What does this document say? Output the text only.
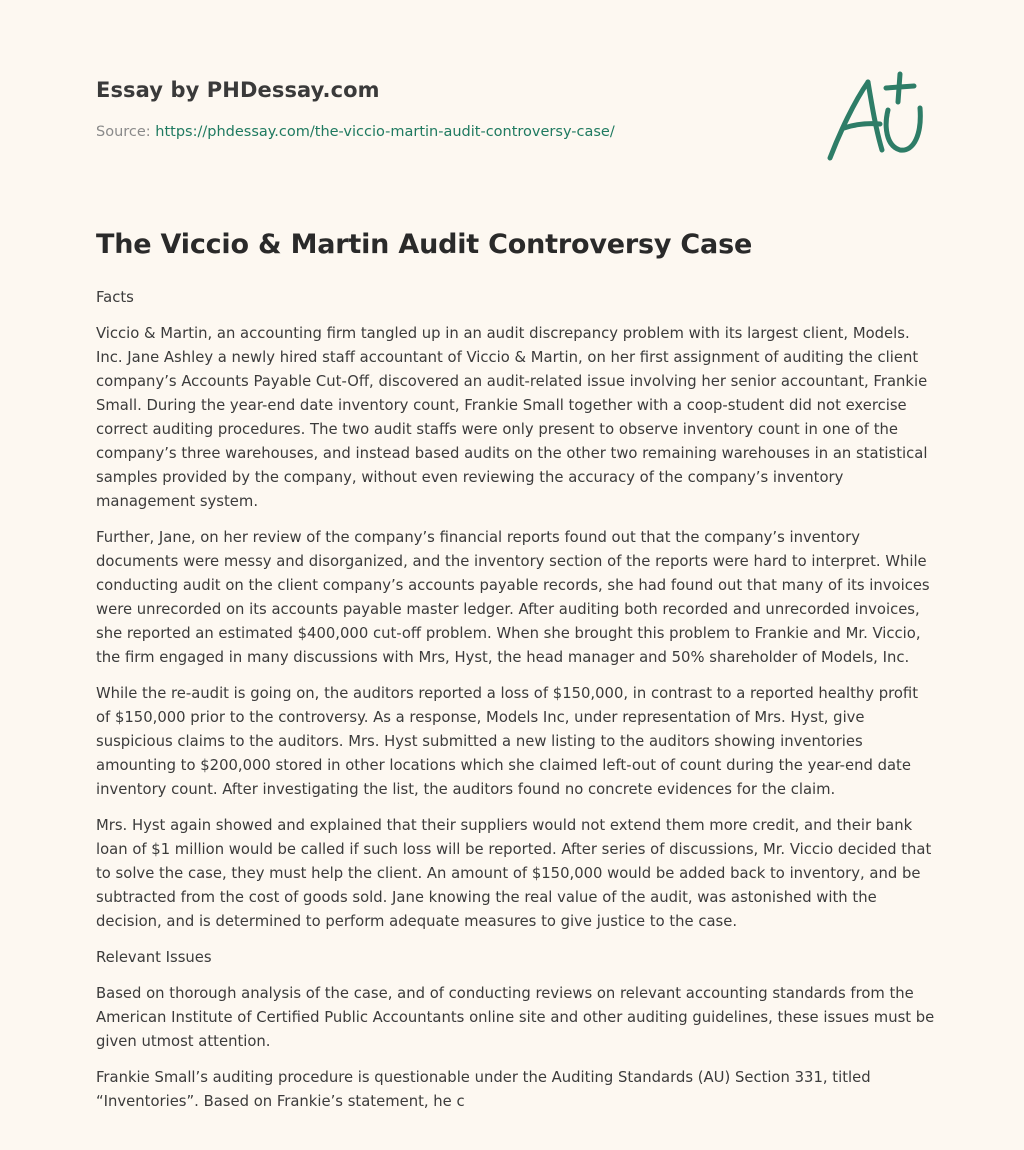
Essay by PHDessay.com
Source: https://phdessay.com/the-viccio-martin-audit-controversy-case/
The Viccio & Martin Audit Controversy Case

Facts

Viccio & Martin, an accounting firm tangled up in an audit discrepancy problem with its largest client, Models. Inc. Jane Ashley a newly hired staff accountant of Viccio & Martin, on her first assignment of auditing the client company’s Accounts Payable Cut-Off, discovered an audit-related issue involving her senior accountant, Frankie Small. During the year-end date inventory count, Frankie Small together with a coop-student did not exercise correct auditing procedures. The two audit staffs were only present to observe inventory count in one of the company’s three warehouses, and instead based audits on the other two remaining warehouses in an statistical samples provided by the company, without even reviewing the accuracy of the company’s inventory management system.

Further, Jane, on her review of the company’s financial reports found out that the company’s inventory documents were messy and disorganized, and the inventory section of the reports were hard to interpret. While conducting audit on the client company’s accounts payable records, she had found out that many of its invoices were unrecorded on its accounts payable master ledger. After auditing both recorded and unrecorded invoices, she reported an estimated $400,000 cut-off problem. When she brought this problem to Frankie and Mr. Viccio, the firm engaged in many discussions with Mrs, Hyst, the head manager and 50% shareholder of Models, Inc.

While the re-audit is going on, the auditors reported a loss of $150,000, in contrast to a reported healthy profit of $150,000 prior to the controversy. As a response, Models Inc, under representation of Mrs. Hyst, give suspicious claims to the auditors. Mrs. Hyst submitted a new listing to the auditors showing inventories amounting to $200,000 stored in other locations which she claimed left-out of count during the year-end date inventory count. After investigating the list, the auditors found no concrete evidences for the claim.

Mrs. Hyst again showed and explained that their suppliers would not extend them more credit, and their bank loan of $1 million would be called if such loss will be reported. After series of discussions, Mr. Viccio decided that to solve the case, they must help the client. An amount of $150,000 would be added back to inventory, and be subtracted from the cost of goods sold. Jane knowing the real value of the audit, was astonished with the decision, and is determined to perform adequate measures to give justice to the case.

Relevant Issues

Based on thorough analysis of the case, and of conducting reviews on relevant accounting standards from the American Institute of Certified Public Accountants online site and other auditing guidelines, these issues must be given utmost attention.

Frankie Small’s auditing procedure is questionable under the Auditing Standards (AU) Section 331, titled “Inventories”. Based on Frankie’s statement, he c
